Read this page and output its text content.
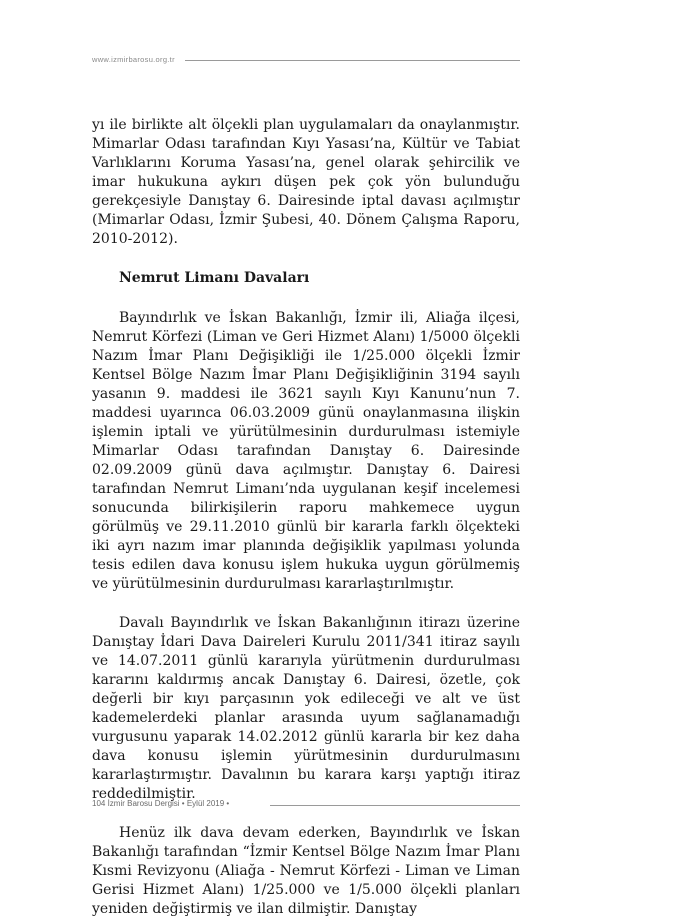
www.izmirbarosu.org.tr

yı ile birlikte alt ölçekli plan uygulamaları da onaylanmıştır. Mimarlar Odası tarafından Kıyı Yasası’na, Kültür ve Tabiat Varlıklarını Koruma Yasası’na, genel olarak şehircilik ve imar hukukuna aykırı düşen pek çok yön bulunduğu gerekçesiyle Danıştay 6. Dairesinde iptal davası açılmıştır (Mimarlar Odası, İzmir Şubesi, 40. Dönem Çalışma Raporu, 2010-2012).

Nemrut Limanı Davaları

Bayındırlık ve İskan Bakanlığı, İzmir ili, Aliağa ilçesi, Nemrut Körfezi (Liman ve Geri Hizmet Alanı) 1/5000 ölçekli Nazım İmar Planı Değişikliği ile 1/25.000 ölçekli İzmir Kentsel Bölge Nazım İmar Planı Değişikliğinin 3194 sayılı yasanın 9. maddesi ile 3621 sayılı Kıyı Kanunu’nun 7. maddesi uyarınca 06.03.2009 günü onaylanmasına ilişkin işlemin iptali ve yürütülmesinin durdurulması istemiyle Mimarlar Odası tarafından Danıştay 6. Dairesinde 02.09.2009 günü dava açılmıştır. Danıştay 6. Dairesi tarafından Nemrut Limanı’nda uygulanan keşif incelemesi sonucunda bilirkişilerin raporu mahkemece uygun görülmüş ve 29.11.2010 günlü bir kararla farklı ölçekteki iki ayrı nazım imar planında değişiklik yapılması yolunda tesis edilen dava konusu işlem hukuka uygun görülmemiş ve yürütülmesinin durdurulması kararlaştırılmıştır.

Davalı Bayındırlık ve İskan Bakanlığının itirazı üzerine Danıştay İdari Dava Daireleri Kurulu 2011/341 itiraz sayılı ve 14.07.2011 günlü kararıyla yürütmenin durdurulması kararını kaldırmış ancak Danıştay 6. Dairesi, özetle, çok değerli bir kıyı parçasının yok edileceği ve alt ve üst kademelerdeki planlar arasında uyum sağlanamadığı vurgusunu yaparak 14.02.2012 günlü kararla bir kez daha dava konusu işlemin yürütmesinin durdurulmasını kararlaştırmıştır. Davalının bu karara karşı yaptığı itiraz reddedilmiştir.

Henüz ilk dava devam ederken, Bayındırlık ve İskan Bakanlığı tarafından “İzmir Kentsel Bölge Nazım İmar Planı Kısmi Revizyonu (Aliağa - Nemrut Körfezi - Liman ve Liman Gerisi Hizmet Alanı) 1/25.000 ve 1/5.000 ölçekli planları yeniden değiştirmiş ve ilan dilmiştir. Danıştay

104 İzmir Barosu Dergisi • Eylül 2019 •
